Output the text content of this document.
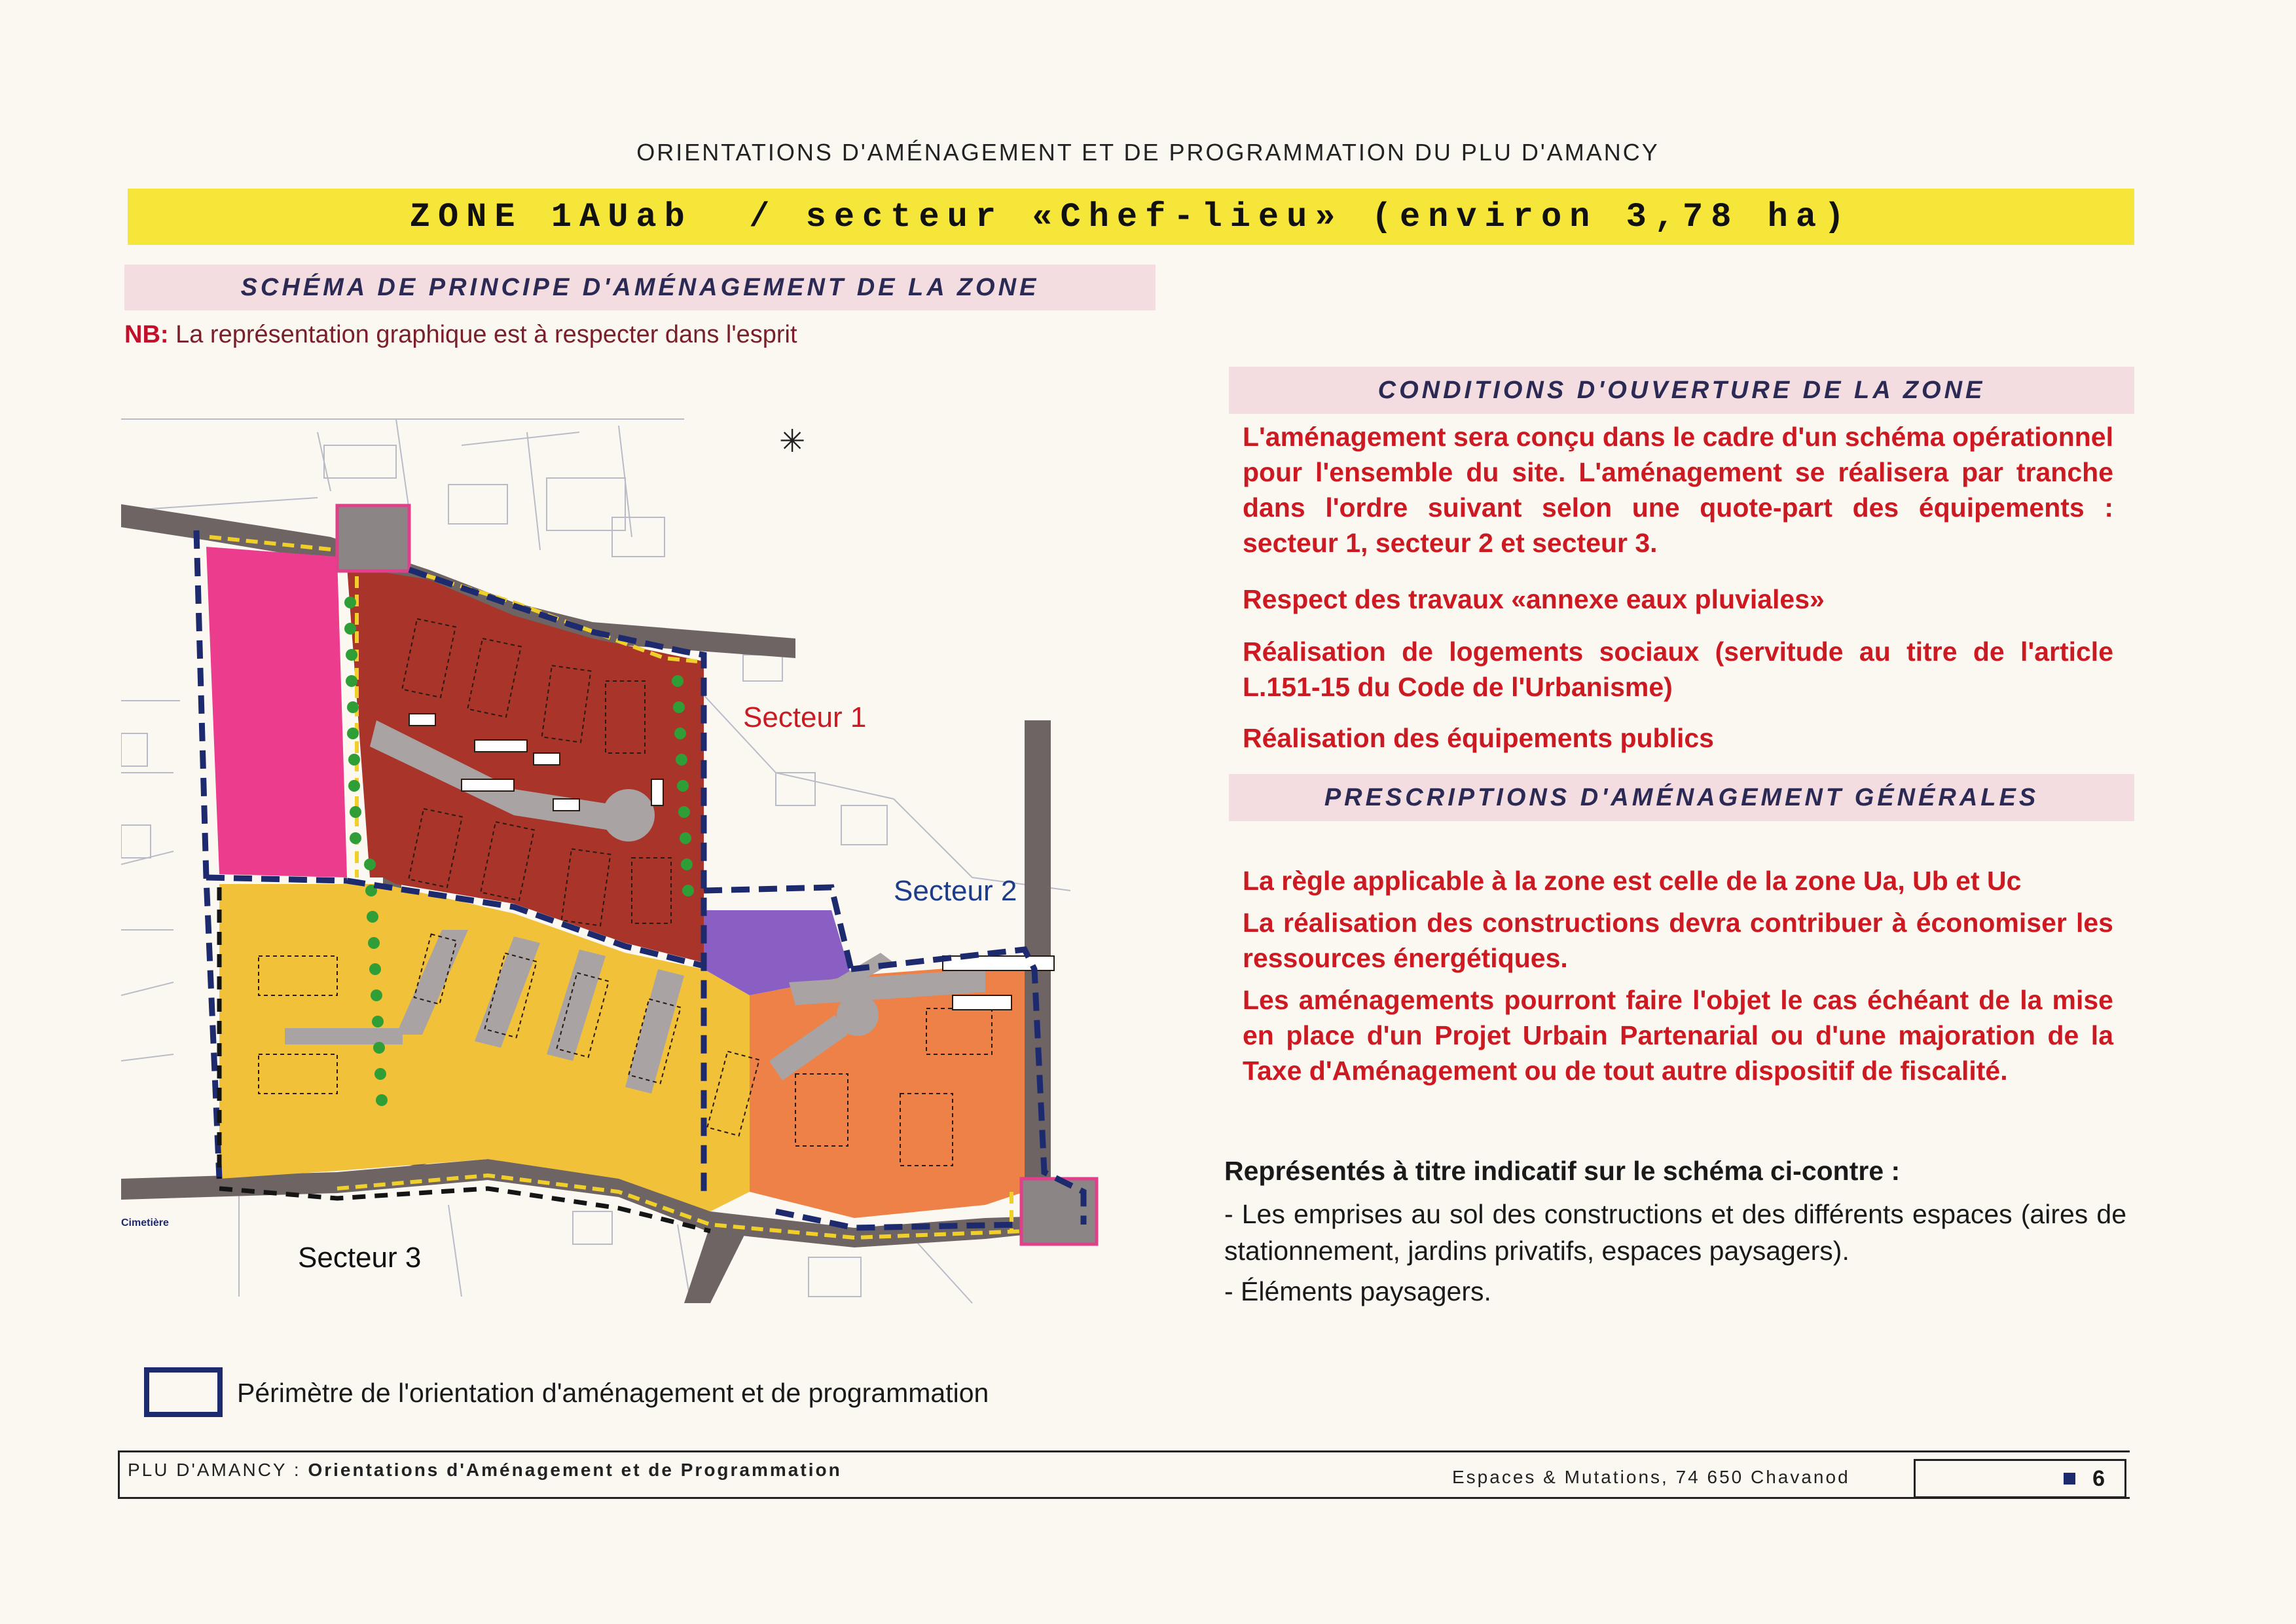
ORIENTATIONS D'AMÉNAGEMENT ET DE PROGRAMMATION DU PLU D'AMANCY
ZONE 1AUab  / secteur «Chef-lieu» (environ 3,78 ha)
SCHÉMA DE PRINCIPE D'AMÉNAGEMENT DE LA ZONE
NB: La représentation graphique est à respecter dans l'esprit
✳
Secteur 1
Secteur 2
Secteur 3
Cimetière
CONDITIONS D'OUVERTURE DE LA ZONE
L'aménagement sera conçu dans le cadre d'un schéma opérationnel pour l'ensemble du site. L'aménagement se réalisera par tranche dans l'ordre suivant selon une quote-part des équipements : secteur 1, secteur 2 et secteur 3.
Respect des travaux «annexe eaux pluviales»
Réalisation de logements sociaux (servitude au titre de l'article L.151-15 du Code de l'Urbanisme)
Réalisation des équipements publics
PRESCRIPTIONS D'AMÉNAGEMENT GÉNÉRALES
La règle applicable à la zone est celle de la zone Ua, Ub et Uc
La réalisation des constructions devra contribuer à économiser les ressources énergétiques.
Les aménagements pourront faire l'objet le cas échéant de la mise en place d'un Projet Urbain Partenarial ou d'une majoration de la Taxe d'Aménagement ou de tout autre dispositif de fiscalité.
Représentés à titre indicatif sur le schéma ci-contre :
- Les emprises au sol des constructions et des différents espaces (aires de stationnement, jardins privatifs, espaces paysagers).
- Éléments paysagers.
Périmètre de l'orientation d'aménagement et de programmation
PLU D'AMANCY : Orientations d'Aménagement et de Programmation	Espaces & Mutations, 74 650 Chavanod	6
